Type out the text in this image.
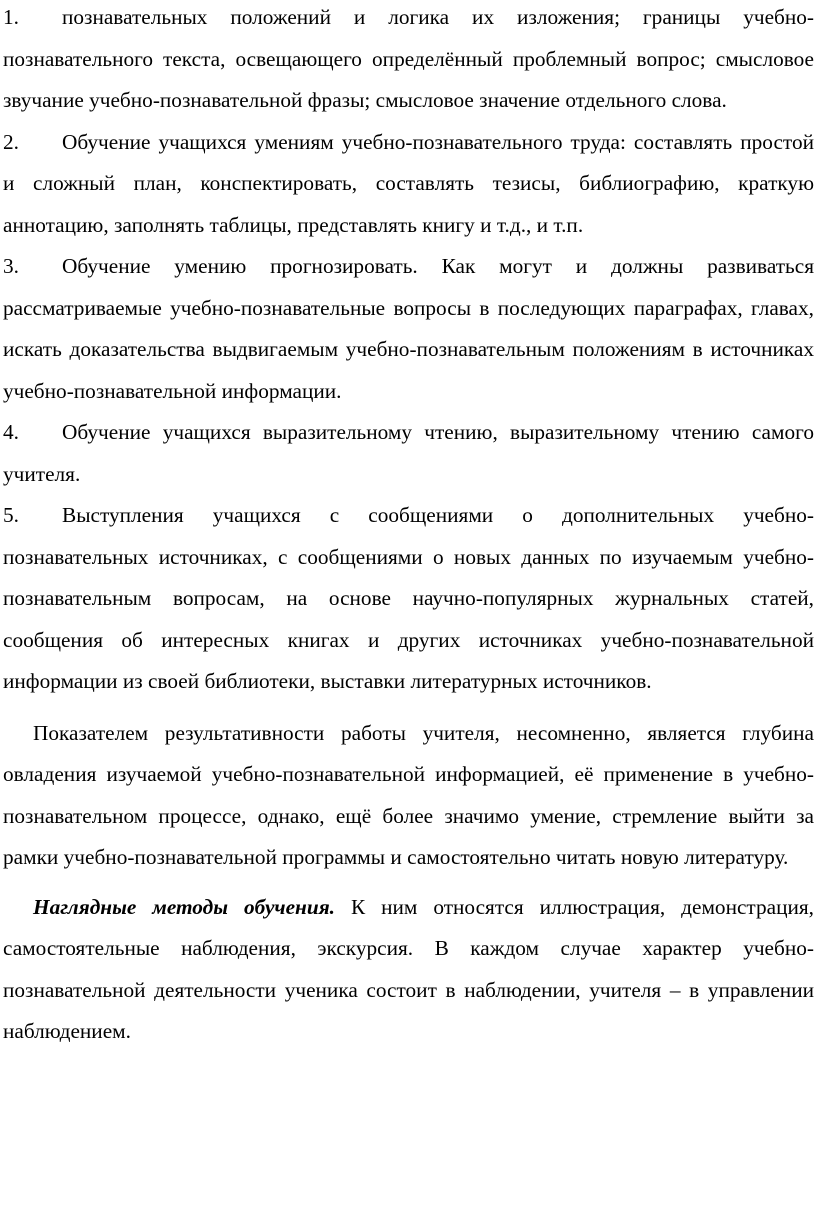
1. познавательных положений и логика их изложения; границы учебно-познавательного текста, освещающего определённый проблемный вопрос; смысловое звучание учебно-познавательной фразы; смысловое значение отдельного слова.

2. Обучение учащихся умениям учебно-познавательного труда: составлять простой и сложный план, конспектировать, составлять тезисы, библиографию, краткую аннотацию, заполнять таблицы, представлять книгу и т.д., и т.п.

3. Обучение умению прогнозировать. Как могут и должны развиваться рассматриваемые учебно-познавательные вопросы в последующих параграфах, главах, искать доказательства выдвигаемым учебно-познавательным положениям в источниках учебно-познавательной информации.

4. Обучение учащихся выразительному чтению, выразительному чтению самого учителя.

5. Выступления учащихся с сообщениями о дополнительных учебно-познавательных источниках, с сообщениями о новых данных по изучаемым учебно-познавательным вопросам, на основе научно-популярных журнальных статей, сообщения об интересных книгах и других источниках учебно-познавательной информации из своей библиотеки, выставки литературных источников.

Показателем результативности работы учителя, несомненно, является глубина овладения изучаемой учебно-познавательной информацией, её применение в учебно-познавательном процессе, однако, ещё более значимо умение, стремление выйти за рамки учебно-познавательной программы и самостоятельно читать новую литературу.

Наглядные методы обучения. К ним относятся иллюстрация, демонстрация, самостоятельные наблюдения, экскурсия. В каждом случае характер учебно-познавательной деятельности ученика состоит в наблюдении, учителя – в управлении наблюдением.
